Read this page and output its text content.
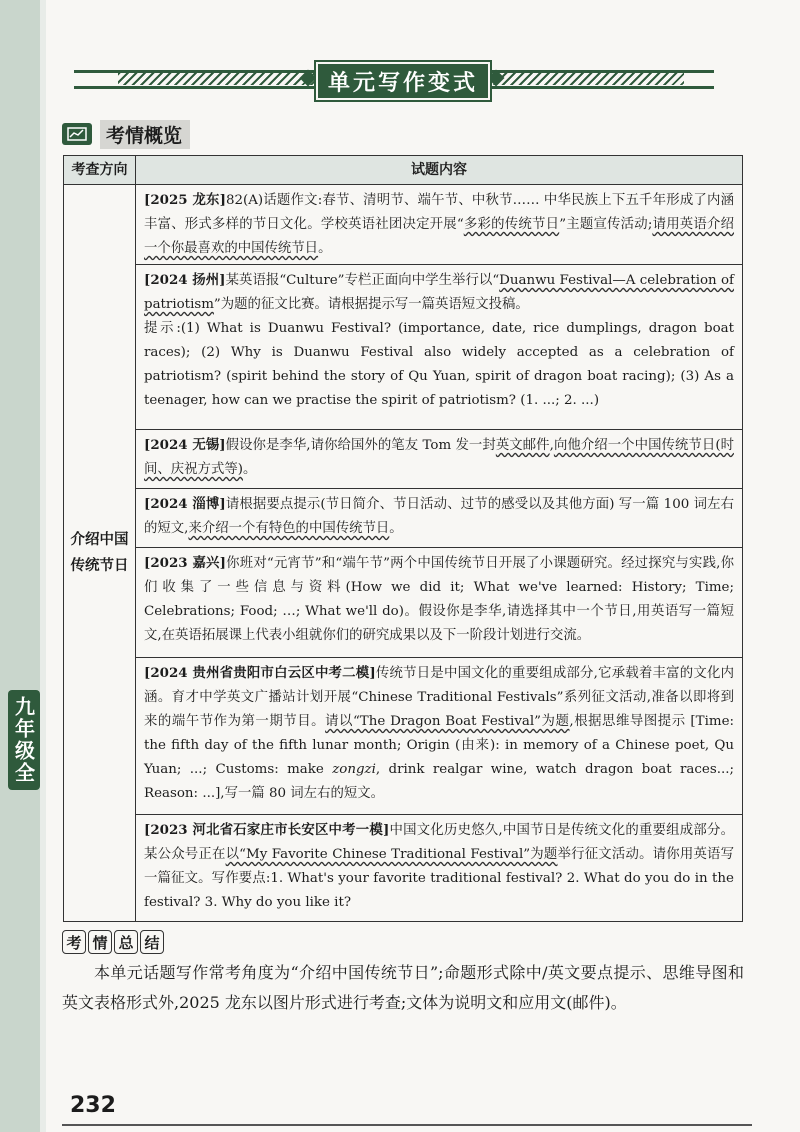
单元写作变式
考情概览
考查方向	试题内容
介绍中国传统节日	[2025 龙东]82(A)话题作文:春节、清明节、端午节、中秋节…… 中华民族上下五千年形成了内涵丰富、形式多样的节日文化。学校英语社团决定开展“多彩的传统节日”主题宣传活动;请用英语介绍一个你最喜欢的中国传统节日。
	[2024 扬州]某英语报“Culture”专栏正面向中学生举行以“Duanwu Festival—A celebration of patriotism”为题的征文比赛。请根据提示写一篇英语短文投稿。
提示:(1) What is Duanwu Festival? (importance, date, rice dumplings, dragon boat races); (2) Why is Duanwu Festival also widely accepted as a celebration of patriotism? (spirit behind the story of Qu Yuan, spirit of dragon boat racing); (3) As a teenager, how can we practise the spirit of patriotism? (1. ...; 2. ...)
	[2024 无锡]假设你是李华,请你给国外的笔友 Tom 发一封英文邮件,向他介绍一个中国传统节日(时间、庆祝方式等)。
	[2024 淄博]请根据要点提示(节日简介、节日活动、过节的感受以及其他方面) 写一篇 100 词左右的短文,来介绍一个有特色的中国传统节日。
	[2023 嘉兴]你班对“元宵节”和“端午节”两个中国传统节日开展了小课题研究。经过探究与实践,你们收集了一些信息与资料(How we did it; What we've learned: History; Time; Celebrations; Food; …; What we'll do)。假设你是李华,请选择其中一个节日,用英语写一篇短文,在英语拓展课上代表小组就你们的研究成果以及下一阶段计划进行交流。
	[2024 贵州省贵阳市白云区中考二模]传统节日是中国文化的重要组成部分,它承载着丰富的文化内涵。育才中学英文广播站计划开展“Chinese Traditional Festivals”系列征文活动,准备以即将到来的端午节作为第一期节目。请以“The Dragon Boat Festival”为题,根据思维导图提示 [Time: the fifth day of the fifth lunar month; Origin (由来): in memory of a Chinese poet, Qu Yuan; ...; Customs: make zongzi, drink realgar wine, watch dragon boat races...; Reason: ...],写一篇 80 词左右的短文。
	[2023 河北省石家庄市长安区中考一模]中国文化历史悠久,中国节日是传统文化的重要组成部分。某公众号正在以“My Favorite Chinese Traditional Festival”为题举行征文活动。请你用英语写一篇征文。写作要点:1. What's your favorite traditional festival? 2. What do you do in the festival? 3. Why do you like it?
九年级全
考 情 总 结
本单元话题写作常考角度为“介绍中国传统节日”;命题形式除中/英文要点提示、思维导图和英文表格形式外,2025 龙东以图片形式进行考查;文体为说明文和应用文(邮件)。
232
